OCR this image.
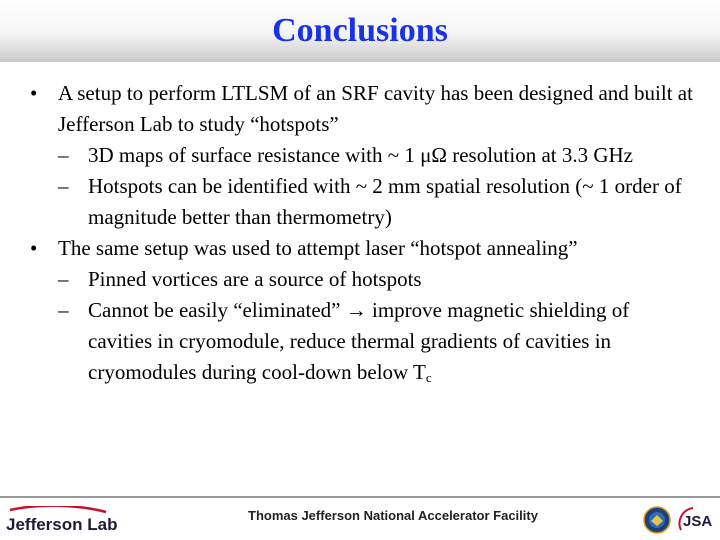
Conclusions
• A setup to perform LTLSM of an SRF cavity has been designed and built at Jefferson Lab to study “hotspots”
– 3D maps of surface resistance with ~ 1 μΩ resolution at 3.3 GHz
– Hotspots can be identified with ~ 2 mm spatial resolution (~ 1 order of magnitude better than thermometry)
• The same setup was used to attempt laser “hotspot annealing”
– Pinned vortices are a source of hotspots
– Cannot be easily “eliminated” → improve magnetic shielding of cavities in cryomodule, reduce thermal gradients of cavities in cryomodules during cool-down below $T_c$
Jefferson Lab	Thomas Jefferson National Accelerator Facility	JSA
